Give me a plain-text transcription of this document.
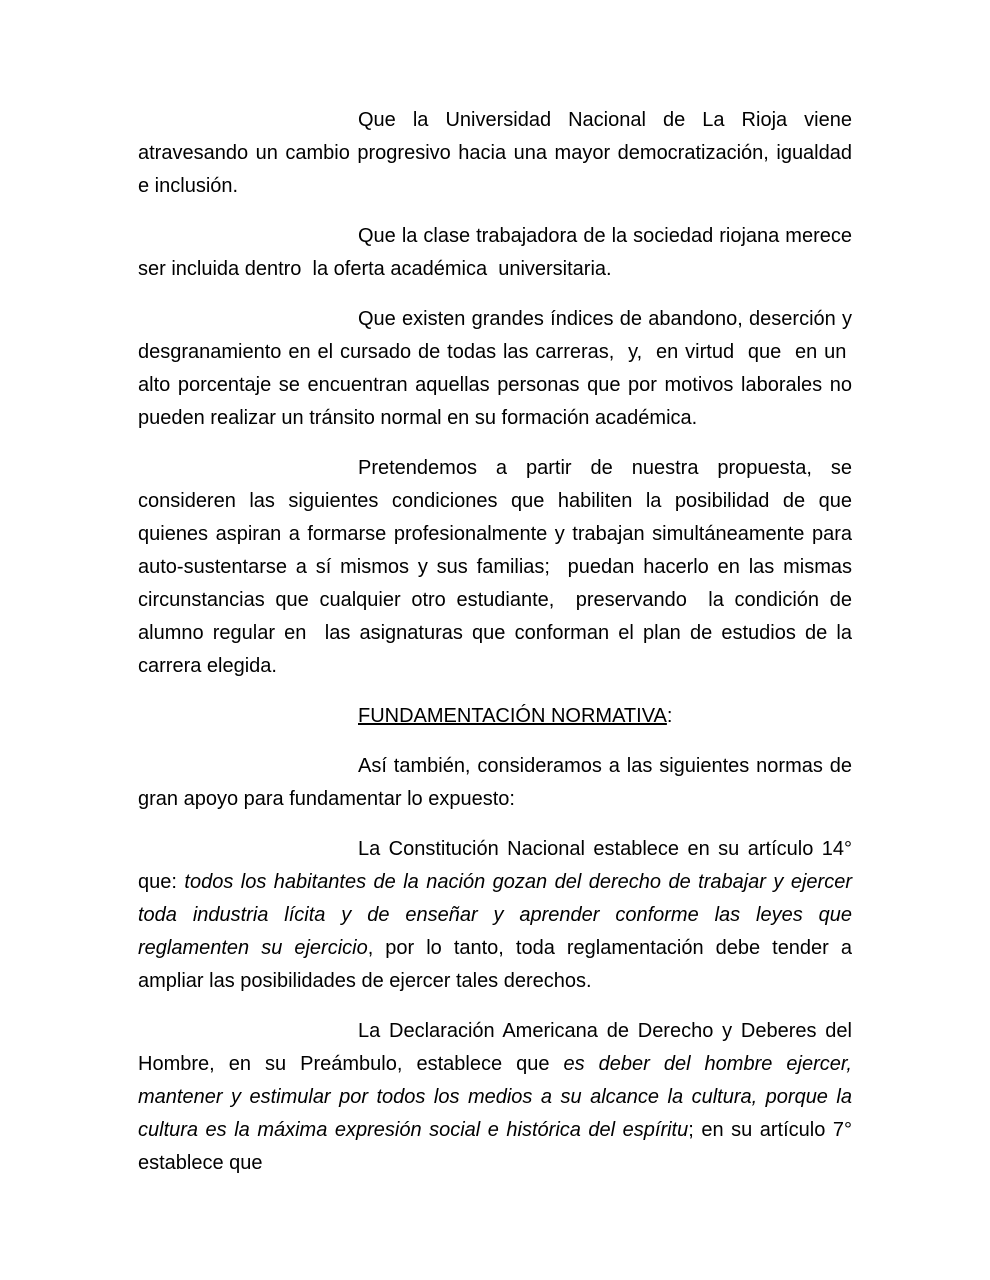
Que la Universidad Nacional de La Rioja viene atravesando un cambio progresivo hacia una mayor democratización, igualdad e inclusión.

Que la clase trabajadora de la sociedad riojana merece ser incluida dentro  la oferta académica  universitaria.

Que existen grandes índices de abandono, deserción y desgranamiento en el cursado de todas las carreras,  y,  en virtud  que  en un  alto porcentaje se encuentran aquellas personas que por motivos laborales no pueden realizar un tránsito normal en su formación académica.

Pretendemos a partir de nuestra propuesta, se consideren las siguientes condiciones que habiliten la posibilidad de que quienes aspiran a formarse profesionalmente y trabajan simultáneamente para auto-sustentarse a sí mismos y sus familias;  puedan hacerlo en las mismas circunstancias que cualquier otro estudiante,  preservando  la condición de alumno regular en  las asignaturas que conforman el plan de estudios de la carrera elegida.

FUNDAMENTACIÓN NORMATIVA:

Así también, consideramos a las siguientes normas de gran apoyo para fundamentar lo expuesto:

La Constitución Nacional establece en su artículo 14° que: todos los habitantes de la nación gozan del derecho de trabajar y ejercer toda industria lícita y de enseñar y aprender conforme las leyes que reglamenten su ejercicio, por lo tanto, toda reglamentación debe tender a ampliar las posibilidades de ejercer tales derechos.

La Declaración Americana de Derecho y Deberes del Hombre, en su Preámbulo, establece que es deber del hombre ejercer, mantener y estimular por todos los medios a su alcance la cultura, porque la cultura es la máxima expresión social e histórica del espíritu; en su artículo 7° establece que
